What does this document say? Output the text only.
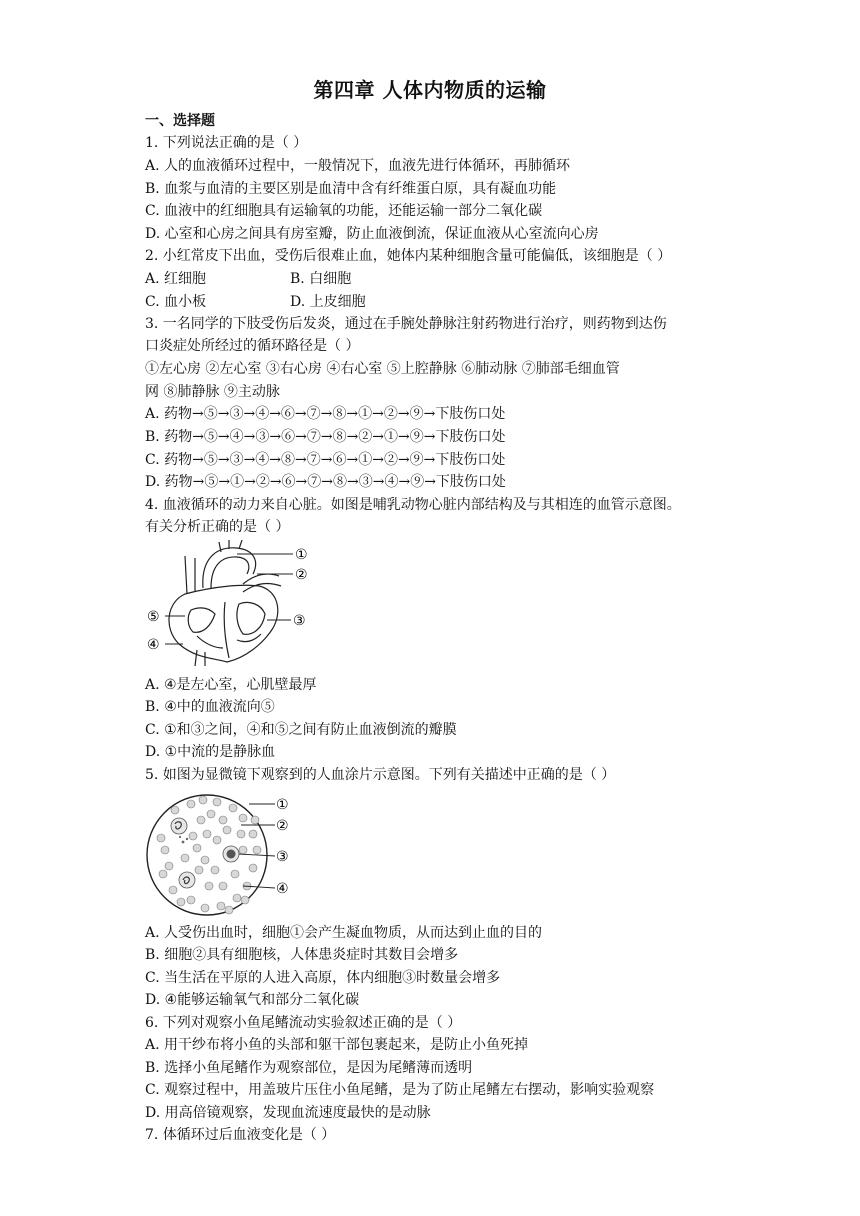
第四章 人体内物质的运输
一、选择题
1. 下列说法正确的是（ ）
A. 人的血液循环过程中，一般情况下，血液先进行体循环，再肺循环
B. 血浆与血清的主要区别是血清中含有纤维蛋白原，具有凝血功能
C. 血液中的红细胞具有运输氧的功能，还能运输一部分二氧化碳
D. 心室和心房之间具有房室瓣，防止血液倒流，保证血液从心室流向心房
2. 小红常皮下出血，受伤后很难止血，她体内某种细胞含量可能偏低，该细胞是（ ）
A. 红细胞	B. 白细胞
C. 血小板	D. 上皮细胞
3. 一名同学的下肢受伤后发炎，通过在手腕处静脉注射药物进行治疗，则药物到达伤
口炎症处所经过的循环路径是（ ）
①左心房 ②左心室 ③右心房 ④右心室 ⑤上腔静脉 ⑥肺动脉 ⑦肺部毛细血管
网 ⑧肺静脉 ⑨主动脉
A. 药物→⑤→③→④→⑥→⑦→⑧→①→②→⑨→下肢伤口处
B. 药物→⑤→④→③→⑥→⑦→⑧→②→①→⑨→下肢伤口处
C. 药物→⑤→③→④→⑧→⑦→⑥→①→②→⑨→下肢伤口处
D. 药物→⑤→①→②→⑥→⑦→⑧→③→④→⑨→下肢伤口处
4. 血液循环的动力来自心脏。如图是哺乳动物心脏内部结构及与其相连的血管示意图。
有关分析正确的是（ ）
①
②
③
④
⑤
A. ④是左心室，心肌壁最厚
B. ④中的血液流向⑤
C. ①和③之间，④和⑤之间有防止血液倒流的瓣膜
D. ①中流的是静脉血
5. 如图为显微镜下观察到的人血涂片示意图。下列有关描述中正确的是（ ）
①
②
③
④
A. 人受伤出血时，细胞①会产生凝血物质，从而达到止血的目的
B. 细胞②具有细胞核，人体患炎症时其数目会增多
C. 当生活在平原的人进入高原，体内细胞③时数量会增多
D. ④能够运输氧气和部分二氧化碳
6. 下列对观察小鱼尾鳍流动实验叙述正确的是（ ）
A. 用干纱布将小鱼的头部和躯干部包裹起来，是防止小鱼死掉
B. 选择小鱼尾鳍作为观察部位，是因为尾鳍薄而透明
C. 观察过程中，用盖玻片压住小鱼尾鳍，是为了防止尾鳍左右摆动，影响实验观察
D. 用高倍镜观察，发现血流速度最快的是动脉
7. 体循环过后血液变化是（ ）
